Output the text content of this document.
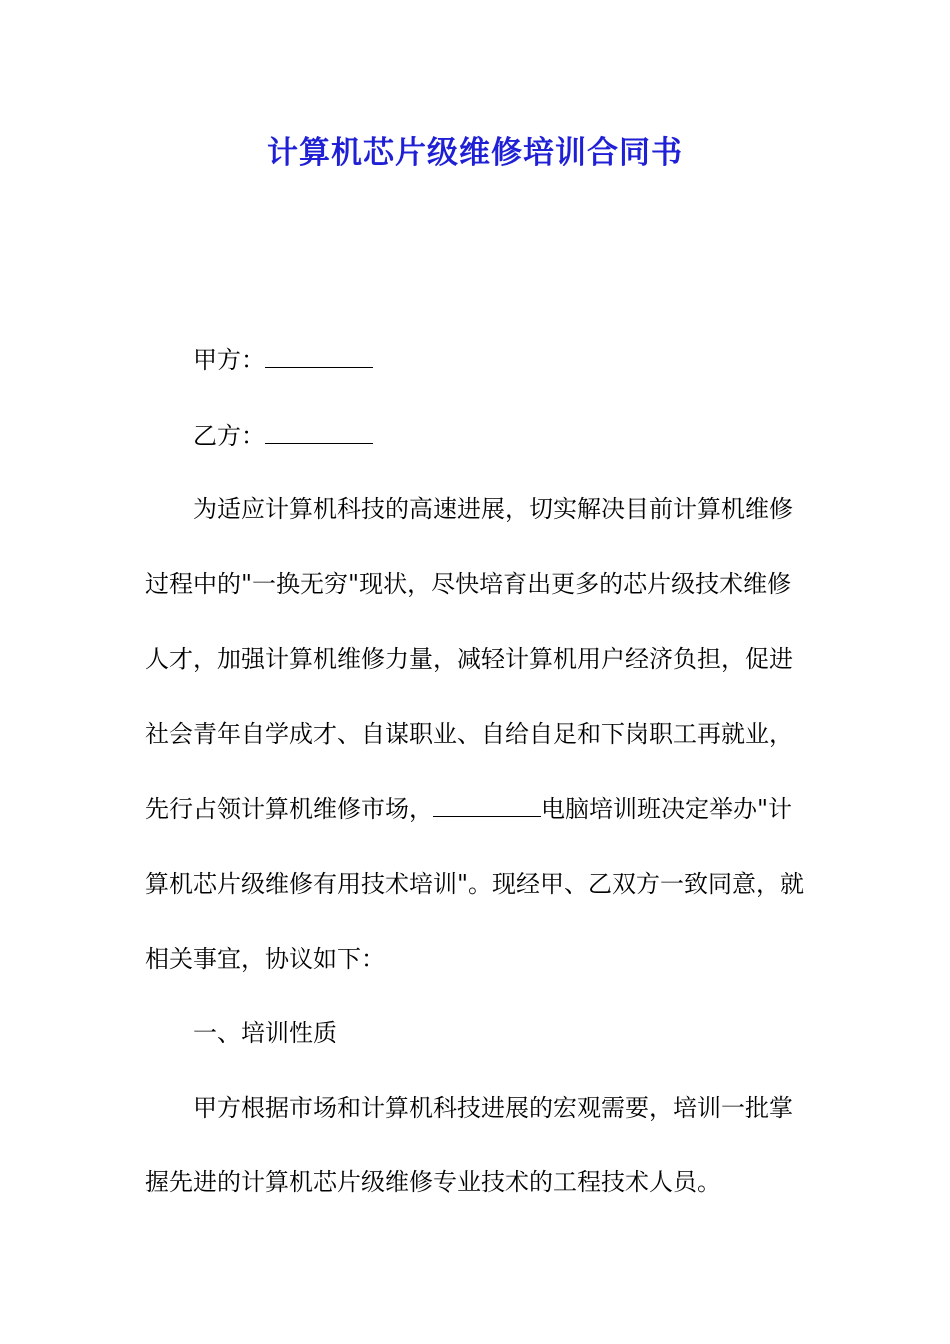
计算机芯片级维修培训合同书
甲方：
乙方：
为适应计算机科技的高速进展，切实解决目前计算机维修
过程中的"一换无穷"现状，尽快培育出更多的芯片级技术维修
人才，加强计算机维修力量，减轻计算机用户经济负担，促进
社会青年自学成才、自谋职业、自给自足和下岗职工再就业，
先行占领计算机维修市场，	电脑培训班决定举办"计
算机芯片级维修有用技术培训"。现经甲、乙双方一致同意，就
相关事宜，协议如下：
一、培训性质
甲方根据市场和计算机科技进展的宏观需要，培训一批掌
握先进的计算机芯片级维修专业技术的工程技术人员。
